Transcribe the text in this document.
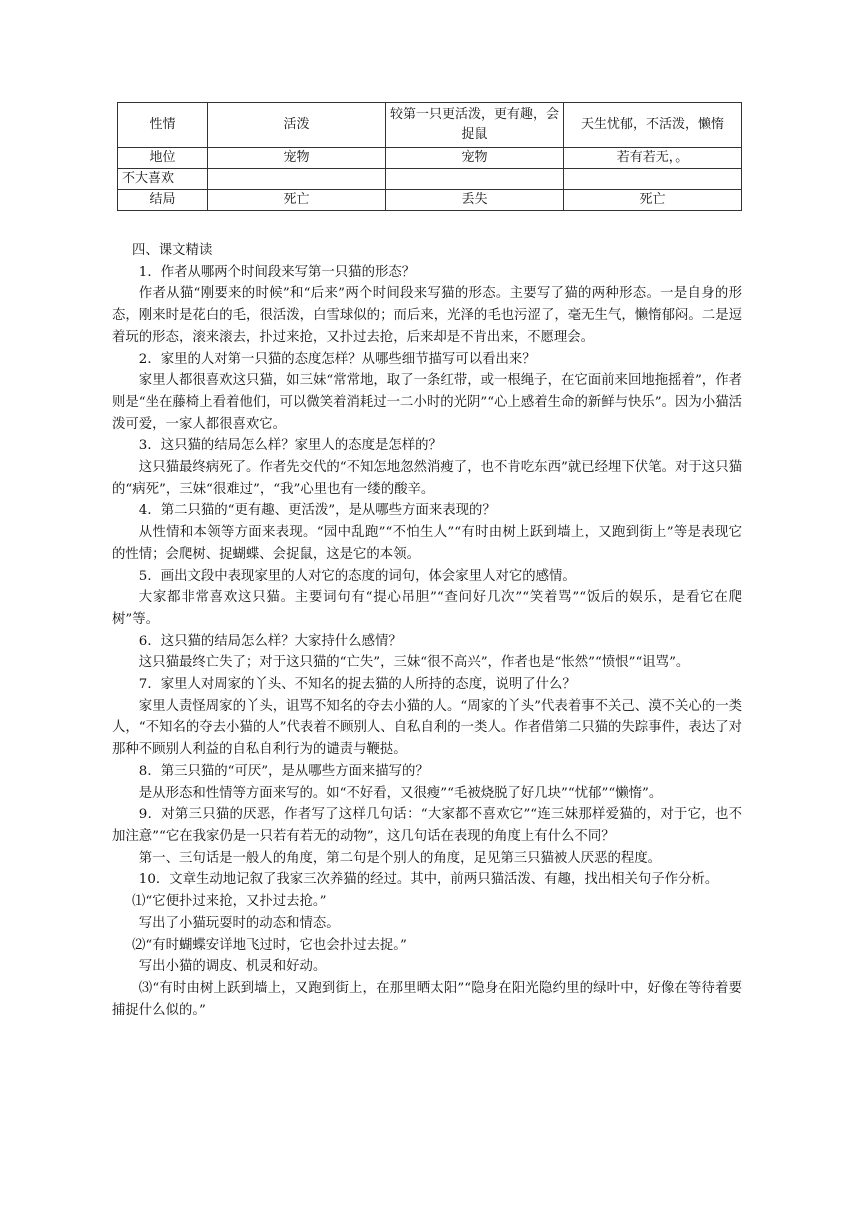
性情	活泼	较第一只更活泼，更有趣，会捉鼠	天生忧郁，不活泼，懒惰
地位	宠物	宠物	若有若无，。
不大喜欢			
结局	死亡	丢失	死亡

四、课文精读

1．作者从哪两个时间段来写第一只猫的形态？

作者从猫“刚要来的时候”和“后来”两个时间段来写猫的形态。主要写了猫的两种形态。一是自身的形态，刚来时是花白的毛，很活泼，白雪球似的；而后来，光泽的毛也污涩了，毫无生气，懒惰郁闷。二是逗着玩的形态，滚来滚去，扑过来抢，又扑过去抢，后来却是不肯出来，不愿理会。

2．家里的人对第一只猫的态度怎样？从哪些细节描写可以看出来？

家里人都很喜欢这只猫，如三妹“常常地，取了一条红带，或一根绳子，在它面前来回地拖摇着”，作者则是“坐在藤椅上看着他们，可以微笑着消耗过一二小时的光阴”“心上感着生命的新鲜与快乐”。因为小猫活泼可爱，一家人都很喜欢它。

3．这只猫的结局怎么样？家里人的态度是怎样的？

这只猫最终病死了。作者先交代的“不知怎地忽然消瘦了，也不肯吃东西”就已经埋下伏笔。对于这只猫的“病死”，三妹“很难过”，“我”心里也有一缕的酸辛。

4．第二只猫的“更有趣、更活泼”，是从哪些方面来表现的？

从性情和本领等方面来表现。“园中乱跑”“不怕生人”“有时由树上跃到墙上，又跑到街上”等是表现它的性情；会爬树、捉蝴蝶、会捉鼠，这是它的本领。

5．画出文段中表现家里的人对它的态度的词句，体会家里人对它的感情。

大家都非常喜欢这只猫。主要词句有“提心吊胆”“查问好几次”“笑着骂”“饭后的娱乐，是看它在爬树”等。

6．这只猫的结局怎么样？大家持什么感情？

这只猫最终亡失了；对于这只猫的“亡失”，三妹“很不高兴”，作者也是“怅然”“愤恨”“诅骂”。

7．家里人对周家的丫头、不知名的捉去猫的人所持的态度，说明了什么？

家里人责怪周家的丫头，诅骂不知名的夺去小猫的人。“周家的丫头”代表着事不关己、漠不关心的一类人，“不知名的夺去小猫的人”代表着不顾别人、自私自利的一类人。作者借第二只猫的失踪事件，表达了对那种不顾别人利益的自私自利行为的谴责与鞭挞。

8．第三只猫的“可厌”，是从哪些方面来描写的？

是从形态和性情等方面来写的。如“不好看，又很瘦”“毛被烧脱了好几块”“忧郁”“懒惰”。

9．对第三只猫的厌恶，作者写了这样几句话：“大家都不喜欢它”“连三妹那样爱猫的，对于它，也不加注意”“它在我家仍是一只若有若无的动物”，这几句话在表现的角度上有什么不同？

第一、三句话是一般人的角度，第二句是个别人的角度，足见第三只猫被人厌恶的程度。

10．文章生动地记叙了我家三次养猫的经过。其中，前两只猫活泼、有趣，找出相关句子作分析。

⑴“它便扑过来抢，又扑过去抢。”

写出了小猫玩耍时的动态和情态。

⑵“有时蝴蝶安详地飞过时，它也会扑过去捉。”

写出小猫的调皮、机灵和好动。

⑶“有时由树上跃到墙上，又跑到街上，在那里晒太阳”“隐身在阳光隐约里的绿叶中，好像在等待着要捕捉什么似的。”
